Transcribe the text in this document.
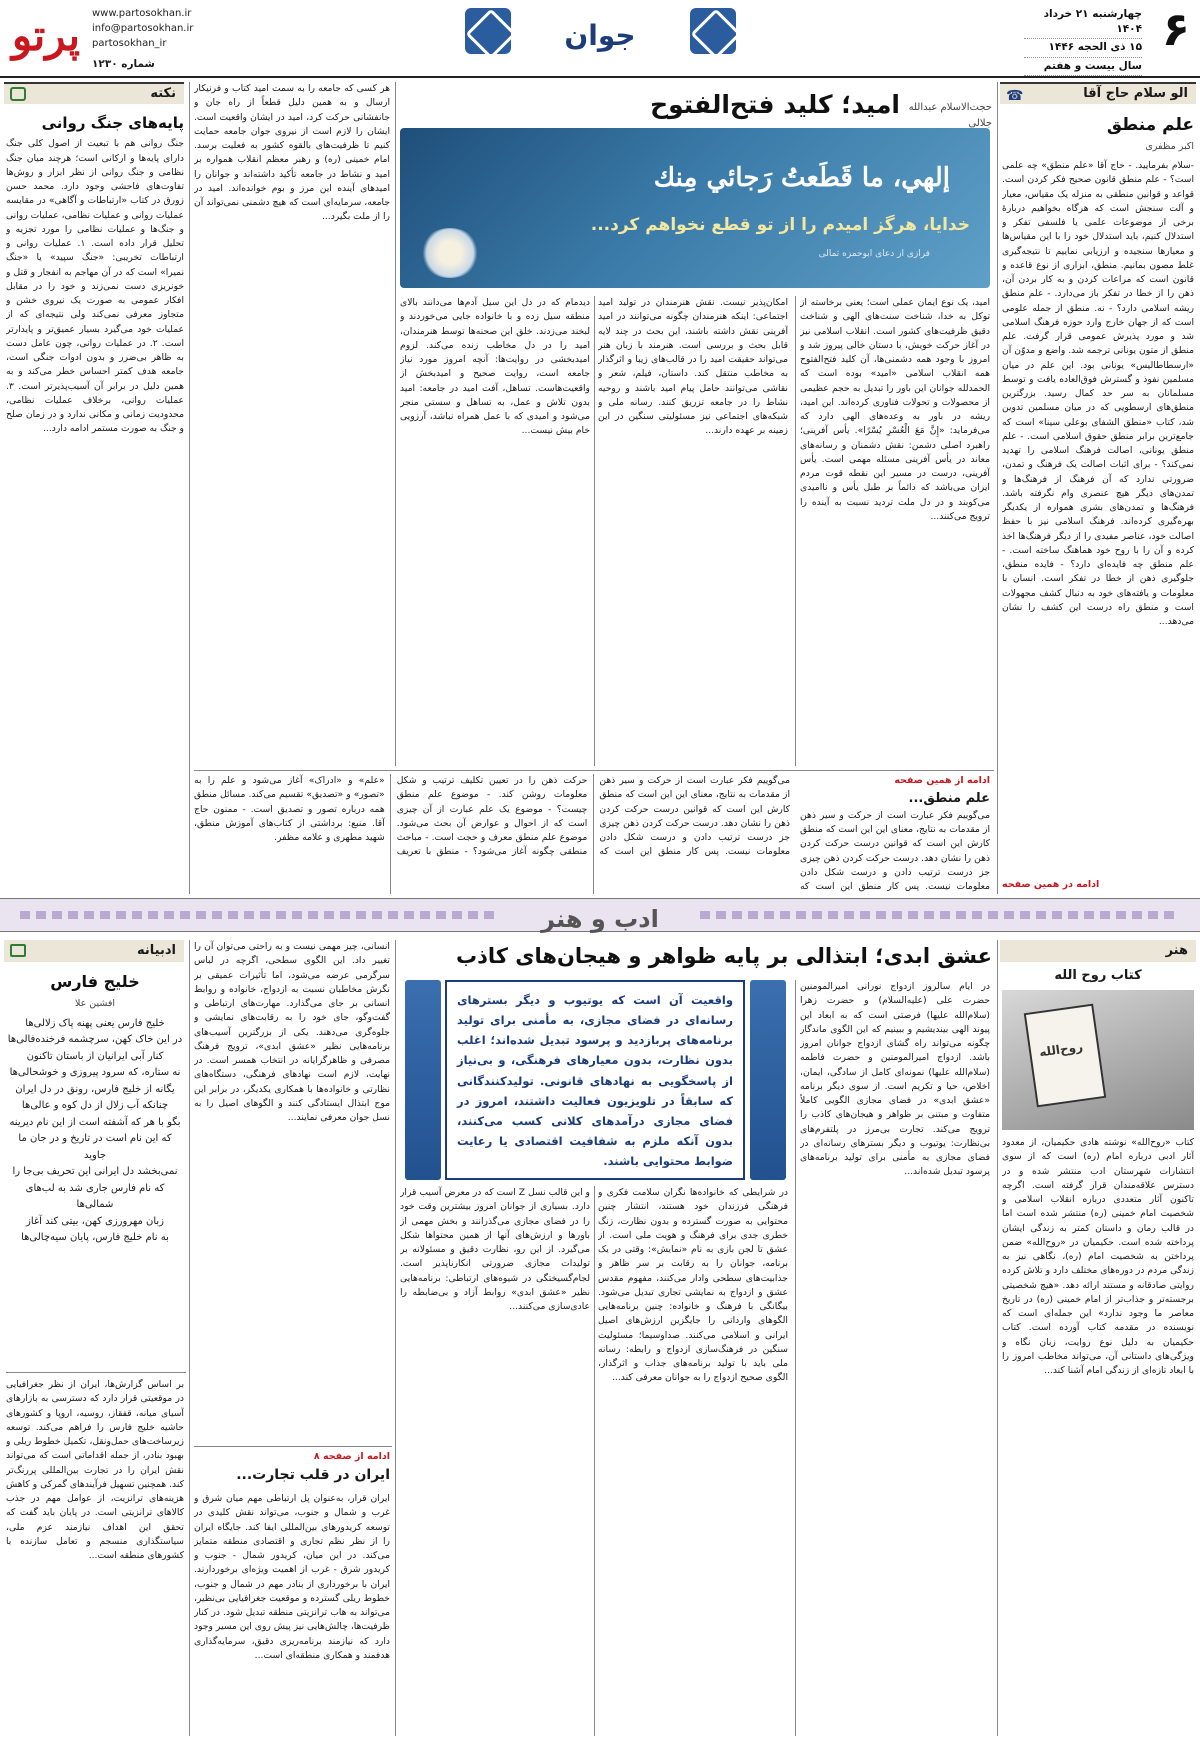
۶
چهارشنبه ۲۱ خرداد ۱۴۰۴
۱۵ ذی الحجه ۱۴۴۶
سال بیست و هفتم
جوان
پرتو	www.partosokhan.ir
info@partosokhan.ir
partosokhan_ir
شماره ۱۲۳۰
الو سلام حاج آقا
☎
علم منطق
اکبر مظفری

-سلام بفرمایید. - حاج آقا «علم منطق» چه علمی است؟ - علم منطق قانون صحیح فکر کردن است. قواعد و قوانین منطقی به منزله یک مقیاس، معیار و آلت سنجش است که هرگاه بخواهیم دربارهٔ برخی از موضوعات علمی یا فلسفی تفکر و استدلال کنیم، باید استدلال خود را با این مقیاس‌ها و معیارها سنجیده و ارزیابی نماییم تا نتیجه‌گیری غلط مصون بمانیم. منطق، ابزاری از نوع قاعده و قانون است که مراعات کردن و به کار بردن آن، ذهن را از خطا در تفکر باز می‌دارد. - علم منطق ریشه اسلامی دارد؟ - نه. منطق از جمله علومی است که از جهان خارج وارد حوزه فرهنگ اسلامی شد و مورد پذیرش عمومی قرار گرفت. علم منطق از متون یونانی ترجمه شد. واضع و مدوّن آن «ارسطاطالیس» یونانی بود. این علم در میان مسلمین نفوذ و گسترش فوق‌العاده یافت و توسط مسلمانان به سر حد کمال رسید. بزرگترین منطق‌های ارسطویی که در میان مسلمین تدوین شد، کتاب «منطق الشفای بوعلی سینا» است که جامع‌ترین برابر منطق حقوق اسلامی است. - علم منطق یونانی، اصالت فرهنگ اسلامی را تهدید نمی‌کند؟ - برای اثبات اصالت یک فرهنگ و تمدن، ضرورتی ندارد که آن فرهنگ از فرهنگ‌ها و تمدن‌های دیگر هیچ عنصری وام نگرفته باشد. فرهنگ‌ها و تمدن‌های بشری همواره از یکدیگر بهره‌گیری کرده‌اند. فرهنگ اسلامی نیز با حفظ اصالت خود، عناصر مفیدی را از دیگر فرهنگ‌ها اخذ کرده و آن را با روح خود هماهنگ ساخته است. - علم منطق چه فایده‌ای دارد؟ - فایده منطق، جلوگیری ذهن از خطا در تفکر است. انسان با معلومات و یافته‌های خود به دنبال کشف مجهولات است و منطق راه درست این کشف را نشان می‌دهد...

ادامه در همین صفحه
امید؛ کلید فتح‌الفتوح حجت‌الاسلام عبدالله جلالی
إلهي، ما قَطَعتُ رَجائي مِنك
خدایا، هرگز امیدم را از تو قطع نخواهم کرد...
فرازی از دعای ابوحمزه ثمالی

امید، یک نوع ایمان عملی است؛ یعنی برخاسته از توکل به خدا، شناخت سنت‌های الهی و شناخت دقیق ظرفیت‌های کشور است. انقلاب اسلامی نیز در آغاز حرکت خویش، با دستان خالی پیروز شد و امروز با وجود همه دشمنی‌ها، آن کلید فتح‌الفتوح همه انقلاب اسلامی «امید» بوده است که الحمدلله جوانان این باور را تبدیل به حجم عظیمی از محصولات و تحولات فناوری کرده‌اند. این امید، ریشه در باور به وعده‌های الهی دارد که می‌فرماید: «إِنَّ مَعَ الْعُسْرِ یُسْرًا». یأس آفرینی؛ راهبرد اصلی دشمن: نقش دشمنان و رسانه‌های معاند در یأس آفرینی مسئله مهمی است. یأس آفرینی، درست در مسیر این نقطه قوت مردم ایران می‌باشد که دائماً بر طبل یأس و ناامیدی می‌کوبند و در دل ملت تردید نسبت به آینده را ترویج می‌کنند...

امکان‌پذیر نیست. نقش هنرمندان در تولید امید اجتماعی: اینکه هنرمندان چگونه می‌توانند در امید آفرینی نقش داشته باشند، این بحث در چند لایه قابل بحث و بررسی است. هنرمند با زبان هنر می‌تواند حقیقت امید را در قالب‌های زیبا و اثرگذار به مخاطب منتقل کند. داستان، فیلم، شعر و نقاشی می‌توانند حامل پیام امید باشند و روحیه نشاط را در جامعه تزریق کنند. رسانه ملی و شبکه‌های اجتماعی نیز مسئولیتی سنگین در این زمینه بر عهده دارند...

دیدمام که در دل این سیل آدم‌ها می‌دانند بالای منطقه سیل زده و با خانواده جایی می‌خوردند و لبخند می‌زدند. خلق این صحنه‌ها توسط هنرمندان، امید را در دل مخاطب زنده می‌کند. لزوم امیدبخشی در روایت‌ها: آنچه امروز مورد نیاز جامعه است، روایت صحیح و امیدبخش از واقعیت‌هاست. تساهل، آفت امید در جامعه: امید بدون تلاش و عمل، به تساهل و سستی منجر می‌شود و امیدی که با عمل همراه نباشد، آرزویی خام بیش نیست...

هر کسی که جامعه را به سمت امید کتاب و فرنیکار ارسال و به همین دلیل قطعاً از راه جان و جانفشانی حرکت کرد، امید در ایشان واقعیت است. ایشان را لازم است از نیروی جوان جامعه حمایت کنیم تا ظرفیت‌های بالقوه کشور به فعلیت برسد. امام خمینی (ره) و رهبر معظم انقلاب همواره بر امید و نشاط در جامعه تأکید داشته‌اند و جوانان را امیدهای آینده این مرز و بوم خوانده‌اند. امید در جامعه، سرمایه‌ای است که هیچ دشمنی نمی‌تواند آن را از ملت بگیرد...

ادامه از همین صفحه
علم منطق...

می‌گوییم فکر عبارت است از حرکت و سیر ذهن از مقدمات به نتایج، معنای این این است که منطق کارش این است که قوانین درست حرکت کردن ذهن را نشان دهد. درست حرکت کردن ذهن چیزی جز درست ترتیب دادن و درست شکل دادن معلومات نیست. پس کار منطق این است که

می‌گوییم فکر عبارت است از حرکت و سیر ذهن از مقدمات به نتایج، معنای این این است که منطق کارش این است که قوانین درست حرکت کردن ذهن را نشان دهد. درست حرکت کردن ذهن چیزی جز درست ترتیب دادن و درست شکل دادن معلومات نیست. پس کار منطق این است که حرکت ذهن را در تعیین تکلیف ترتیب و شکل معلومات روشن کند. - موضوع علم منطق چیست؟ - موضوع یک علم عبارت از آن چیزی است که از احوال و عوارض آن بحث می‌شود. موضوع علم منطق معرف و حجت است. - مباحث منطقی چگونه آغاز می‌شود؟ - منطق با تعریف «علم» و «ادراک» آغاز می‌شود و علم را به «تصور» و «تصدیق» تقسیم می‌کند. مسائل منطق همه درباره تصور و تصدیق است. - ممنون حاج آقا. منبع: برداشتی از کتاب‌های آموزش منطق، شهید مطهری و علامه مظفر.

نکته
پایه‌های جنگ روانی

جنگ روانی هم با تبعیت از اصول کلی جنگ دارای پایه‌ها و ارکانی است؛ هرچند میان جنگ نظامی و جنگ روانی از نظر ابزار و روش‌ها تفاوت‌های فاحشی وجود دارد. محمد حسن زورق در کتاب «ارتباطات و آگاهی» در مقایسه عملیات روانی و عملیات نظامی، عملیات روانی و جنگ‌ها و عملیات نظامی را مورد تجزیه و تحلیل قرار داده است. ۱. عملیات روانی و ارتباطات تخریبی: «جنگ سپید» یا «جنگ نمیرا» است که در آن مهاجم به انفجار و قتل و خونریزی دست نمی‌زند و خود را در مقابل افکار عمومی به صورت یک نیروی خشن و متجاوز معرفی نمی‌کند ولی نتیجه‌ای که از عملیات خود می‌گیرد بسیار عمیق‌تر و پایدارتر است. ۲. در عملیات روانی، چون عامل دست به ظاهر بی‌ضرر و بدون ادوات جنگی است، جامعه هدف کمتر احساس خطر می‌کند و به همین دلیل در برابر آن آسیب‌پذیرتر است. ۳. عملیات روانی، برخلاف عملیات نظامی، محدودیت زمانی و مکانی ندارد و در زمان صلح و جنگ به صورت مستمر ادامه دارد...

ادب و هنر
هنر
کتاب روح الله
روح‌الله

کتاب «روح‌الله» نوشته هادی حکیمیان، از معدود آثار ادبی درباره امام (ره) است که از سوی انتشارات شهرستان ادب منتشر شده و در دسترس علاقه‌مندان قرار گرفته است. اگرچه تاکنون آثار متعددی درباره انقلاب اسلامی و شخصیت امام خمینی (ره) منتشر شده است اما در قالب رمان و داستان کمتر به زندگی ایشان پرداخته شده است. حکیمیان در «روح‌الله» ضمن پرداختن به شخصیت امام (ره)، نگاهی نیز به زندگی مردم در دوره‌های مختلف دارد و تلاش کرده روایتی صادقانه و مستند ارائه دهد. «هیچ شخصیتی برجسته‌تر و جذاب‌تر از امام خمینی (ره) در تاریخ معاصر ما وجود ندارد» این جمله‌ای است که نویسنده در مقدمه کتاب آورده است. کتاب حکیمیان به دلیل نوع روایت، زبان نگاه و ویژگی‌های داستانی آن، می‌تواند مخاطب امروز را با ابعاد تازه‌ای از زندگی امام آشنا کند...

عشق ابدی؛ ابتذالی بر پایه ظواهر و هیجان‌های کاذب
واقعیت آن است که یوتیوب و دیگر بسترهای رسانه‌ای در فضای مجازی، به مأمنی برای تولید برنامه‌های پربازدید و پرسود تبدیل شده‌اند؛ اغلب بدون نظارت، بدون معیارهای فرهنگی، و بی‌نیاز از پاسخگویی به نهادهای قانونی. تولیدکنندگانی که سابقاً در تلویزیون فعالیت داشتند، امروز در فضای مجازی درآمدهای کلانی کسب می‌کنند، بدون آنکه ملزم به شفافیت اقتصادی یا رعایت ضوابط محتوایی باشند.

در ایام سالروز ازدواج نورانی امیرالمومنین حضرت علی (علیه‌السلام) و حضرت زهرا (سلام‌الله علیها) فرصتی است که به ابعاد این پیوند الهی بیندیشیم و ببینیم که این الگوی ماندگار چگونه می‌تواند راه گشای ازدواج جوانان امروز باشد. ازدواج امیرالمومنین و حضرت فاطمه (سلام‌الله علیها) نمونه‌ای کامل از سادگی، ایمان، اخلاص، حیا و تکریم است. از سوی دیگر برنامه «عشق ابدی» در فضای مجازی الگویی کاملاً متفاوت و مبتنی بر ظواهر و هیجان‌های کاذب را ترویج می‌کند. تجارت بی‌مرز در پلتفرم‌های بی‌نظارت: یوتیوب و دیگر بسترهای رسانه‌ای در فضای مجازی به مأمنی برای تولید برنامه‌های پرسود تبدیل شده‌اند...

در شرایطی که خانواده‌ها نگران سلامت فکری و فرهنگی فرزندان خود هستند، انتشار چنین محتوایی به صورت گسترده و بدون نظارت، زنگ خطری جدی برای فرهنگ و هویت ملی است. از عشق تا لجن بازی به نام «نمایش»: وقتی در یک برنامه، جوانان را به رقابت بر سر ظاهر و جذابیت‌های سطحی وادار می‌کنند، مفهوم مقدس عشق و ازدواج به نمایشی تجاری تبدیل می‌شود. بیگانگی با فرهنگ و خانواده: چنین برنامه‌هایی الگوهای وارداتی را جایگزین ارزش‌های اصیل ایرانی و اسلامی می‌کنند. صداوسیما؛ مسئولیت سنگین در فرهنگ‌سازی ازدواج و رابطه: رسانه ملی باید با تولید برنامه‌های جذاب و اثرگذار، الگوی صحیح ازدواج را به جوانان معرفی کند...

و این قالب نسل Z است که در معرض آسیب قرار دارد. بسیاری از جوانان امروز بیشترین وقت خود را در فضای مجازی می‌گذرانند و بخش مهمی از باورها و ارزش‌های آنها از همین محتواها شکل می‌گیرد. از این رو، نظارت دقیق و مسئولانه بر تولیدات مجازی ضرورتی انکارناپذیر است. لجام‌گسیختگی در شیوه‌های ارتباطی: برنامه‌هایی نظیر «عشق ابدی» روابط آزاد و بی‌ضابطه را عادی‌سازی می‌کنند...

انسانی، چیز مهمی نیست و به راحتی می‌توان آن را تغییر داد. این الگوی سطحی، اگرچه در لباس سرگرمی عرضه می‌شود، اما تأثیرات عمیقی بر نگرش مخاطبان نسبت به ازدواج، خانواده و روابط انسانی بر جای می‌گذارد. مهارت‌های ارتباطی و گفت‌وگو، جای خود را به رقابت‌های نمایشی و جلوه‌گری می‌دهند. یکی از بزرگترین آسیب‌های برنامه‌هایی نظیر «عشق ابدی»، ترویج فرهنگ مصرفی و ظاهرگرایانه در انتخاب همسر است. در نهایت، لازم است نهادهای فرهنگی، دستگاه‌های نظارتی و خانواده‌ها با همکاری یکدیگر، در برابر این موج ابتذال ایستادگی کنند و الگوهای اصیل را به نسل جوان معرفی نمایند...

ادامه از صفحه ۸
ایران در قلب تجارت...

ایران قرار، به‌عنوان پل ارتباطی مهم میان شرق و غرب و شمال و جنوب، می‌تواند نقش کلیدی در توسعه کریدورهای بین‌المللی ایفا کند. جایگاه ایران را از نظر نظم تجاری و اقتصادی منطقه متمایز می‌کند. در این میان، کریدور شمال - جنوب و کریدور شرق - غرب از اهمیت ویژه‌ای برخوردارند. ایران با برخورداری از بنادر مهم در شمال و جنوب، خطوط ریلی گسترده و موقعیت جغرافیایی بی‌نظیر، می‌تواند به هاب ترانزیتی منطقه تبدیل شود. در کنار ظرفیت‌ها، چالش‌هایی نیز پیش روی این مسیر وجود دارد که نیازمند برنامه‌ریزی دقیق، سرمایه‌گذاری هدفمند و همکاری منطقه‌ای است...

ادبیانه
خلیج فارس
افشین علا
خلیج فارس یعنی پهنه پاک زلالی‌ها
در این خاک کهن، سرچشمه فرخنده‌فالی‌ها
کنار آبی ایرانیان از باستان تاکنون
نه ستاره، که سرود پیروزی و خوشحالی‌ها
یگانه از خلیج فارس، رونق در دل ایران
چنانکه آب زلال از دل کوه و عالی‌ها
بگو با هر که آشفته است از این نام دیرینه
که این نام است در تاریخ و در جان ما جاوید
نمی‌بخشد دل ایرانی این تحریف بی‌جا را
که نام فارس جاری شد به لب‌های شمالی‌ها
زبان مهرورزی کهن، بیتی کند آغاز
به نام خلیج فارس، پایان سیه‌چالی‌ها

بر اساس گزارش‌ها، ایران از نظر جغرافیایی در موقعیتی قرار دارد که دسترسی به بازارهای آسیای میانه، قفقاز، روسیه، اروپا و کشورهای حاشیه خلیج فارس را فراهم می‌کند. توسعه زیرساخت‌های حمل‌ونقل، تکمیل خطوط ریلی و بهبود بنادر، از جمله اقداماتی است که می‌تواند نقش ایران را در تجارت بین‌المللی پررنگ‌تر کند. همچنین تسهیل فرآیندهای گمرکی و کاهش هزینه‌های ترانزیت، از عوامل مهم در جذب کالاهای ترانزیتی است. در پایان باید گفت که تحقق این اهداف نیازمند عزم ملی، سیاستگذاری منسجم و تعامل سازنده با کشورهای منطقه است...
